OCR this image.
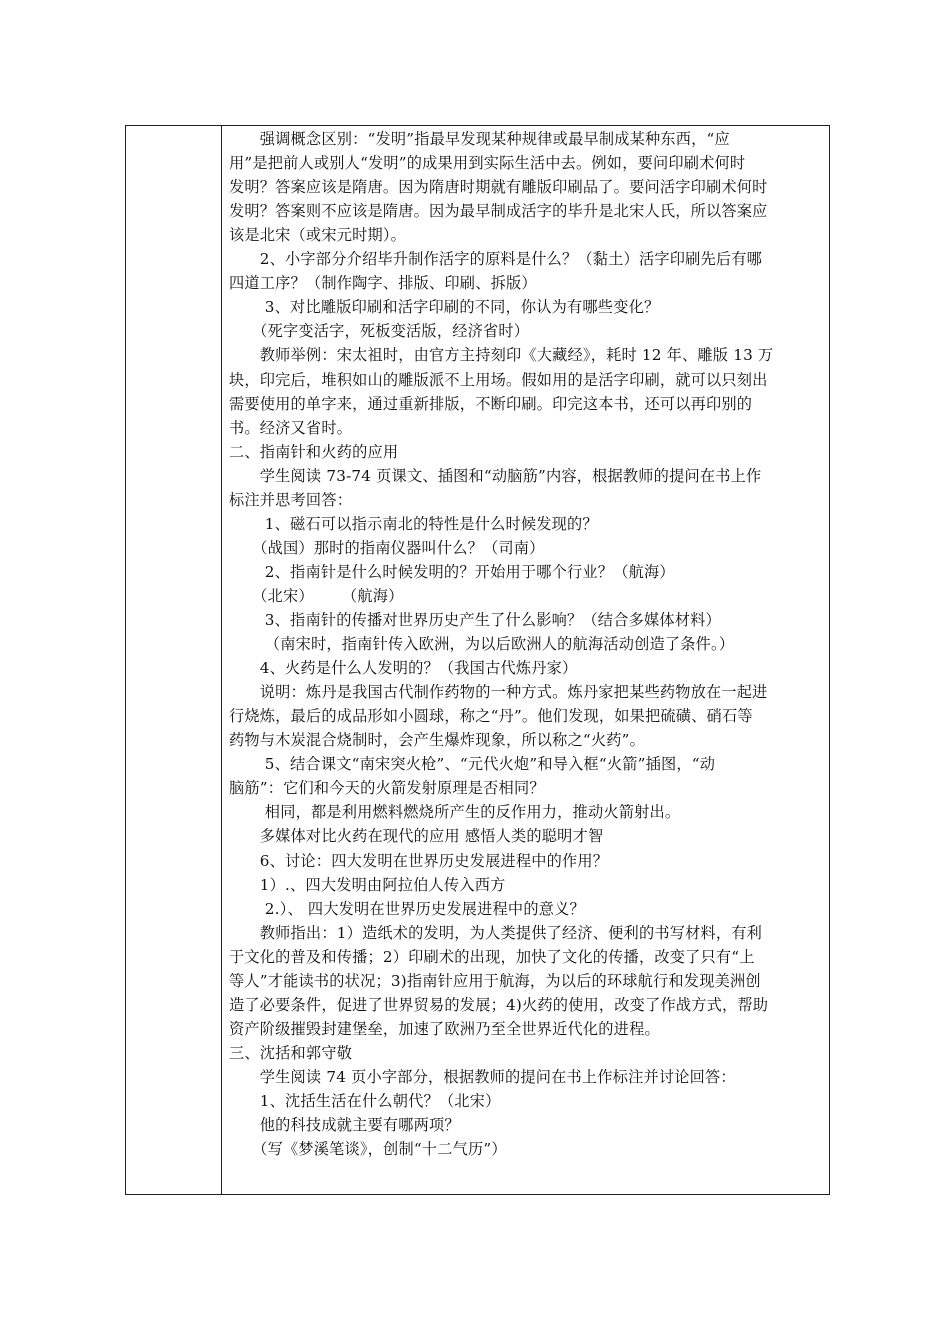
　　强调概念区别：“发明”指最早发现某种规律或最早制成某种东西，“应
用”是把前人或别人“发明”的成果用到实际生活中去。例如，要问印刷术何时
发明？答案应该是隋唐。因为隋唐时期就有雕版印刷品了。要问活字印刷术何时
发明？答案则不应该是隋唐。因为最早制成活字的毕升是北宋人氏，所以答案应
该是北宋（或宋元时期）。
　　2、小字部分介绍毕升制作活字的原料是什么？（黏土）活字印刷先后有哪
四道工序？（制作陶字、排版、印刷、拆版）
　　 3、对比雕版印刷和活字印刷的不同，你认为有哪些变化？
　　（死字变活字，死板变活版，经济省时）
　　教师举例：宋太祖时，由官方主持刻印《大藏经》，耗时 12 年、雕版 13 万
块，印完后，堆积如山的雕版派不上用场。假如用的是活字印刷，就可以只刻出
需要使用的单字来，通过重新排版，不断印刷。印完这本书，还可以再印别的
书。经济又省时。
二、指南针和火药的应用
　　学生阅读 73-74 页课文、插图和“动脑筋”内容，根据教师的提问在书上作
标注并思考回答：
　　 1、磁石可以指示南北的特性是什么时候发现的？
　　（战国）那时的指南仪器叫什么？（司南）
　　 2、指南针是什么时候发明的？开始用于哪个行业？（航海）
　　（北宋）　　 （航海）
　　 3、指南针的传播对世界历史产生了什么影响？（结合多媒体材料）
　　 （南宋时，指南针传入欧洲，为以后欧洲人的航海活动创造了条件。）
　　4、火药是什么人发明的？（我国古代炼丹家）
　　说明：炼丹是我国古代制作药物的一种方式。炼丹家把某些药物放在一起进
行烧炼，最后的成品形如小圆球，称之“丹”。他们发现，如果把硫磺、硝石等
药物与木炭混合烧制时，会产生爆炸现象，所以称之“火药”。
　　 5、结合课文“南宋突火枪”、“元代火炮”和导入框“火箭”插图，“动
脑筋”：它们和今天的火箭发射原理是否相同？
　　 相同，都是利用燃料燃烧所产生的反作用力，推动火箭射出。
　　多媒体对比火药在现代的应用 感悟人类的聪明才智
　　6、讨论：四大发明在世界历史发展进程中的作用？
　　1）.、四大发明由阿拉伯人传入西方
　　 2.）、 四大发明在世界历史发展进程中的意义？
　　教师指出：1）造纸术的发明，为人类提供了经济、便利的书写材料，有利
于文化的普及和传播；2）印刷术的出现，加快了文化的传播，改变了只有“上
等人”才能读书的状况；3)指南针应用于航海，为以后的环球航行和发现美洲创
造了必要条件，促进了世界贸易的发展；4)火药的使用，改变了作战方式，帮助
资产阶级摧毁封建堡垒，加速了欧洲乃至全世界近代化的进程。
三、沈括和郭守敬
　　学生阅读 74 页小字部分，根据教师的提问在书上作标注并讨论回答：
　　1、沈括生活在什么朝代？（北宋）
　　他的科技成就主要有哪两项？
　　（写《梦溪笔谈》，创制“十二气历”）
